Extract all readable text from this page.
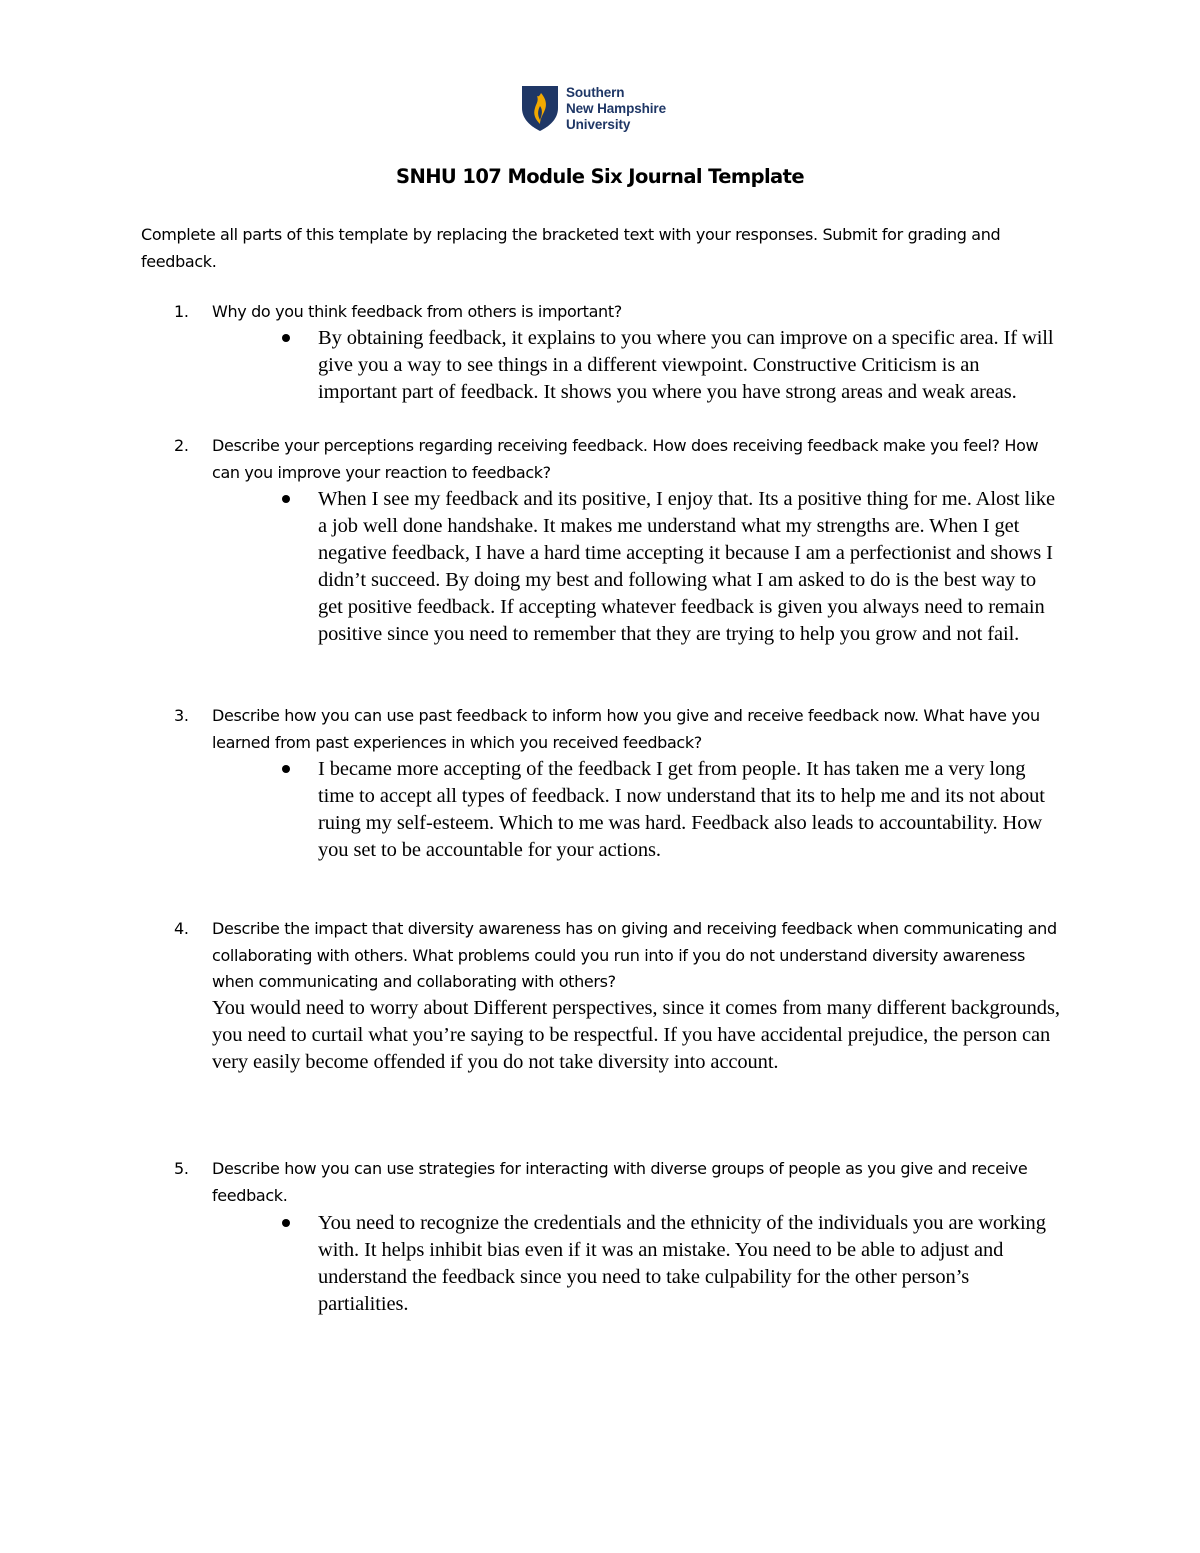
Southern
New Hampshire
University
SNHU 107 Module Six Journal Template
Complete all parts of this template by replacing the bracketed text with your responses. Submit for grading and feedback.
1. Why do you think feedback from others is important?
By obtaining feedback, it explains to you where you can improve on a specific area. If will give you a way to see things in a different viewpoint. Constructive Criticism is an important part of feedback. It shows you where you have strong areas and weak areas.
2. Describe your perceptions regarding receiving feedback. How does receiving feedback make you feel? How can you improve your reaction to feedback?
When I see my feedback and its positive, I enjoy that. Its a positive thing for me. Alost like a job well done handshake. It makes me understand what my strengths are. When I get negative feedback, I have a hard time accepting it because I am a perfectionist and shows I didn’t succeed. By doing my best and following what I am asked to do is the best way to get positive feedback. If accepting whatever feedback is given you always need to remain positive since you need to remember that they are trying to help you grow and not fail.
3. Describe how you can use past feedback to inform how you give and receive feedback now. What have you learned from past experiences in which you received feedback?
I became more accepting of the feedback I get from people. It has taken me a very long time to accept all types of feedback. I now understand that its to help me and its not about ruing my self-esteem. Which to me was hard. Feedback also leads to accountability. How you set to be accountable for your actions.
4. Describe the impact that diversity awareness has on giving and receiving feedback when communicating and collaborating with others. What problems could you run into if you do not understand diversity awareness when communicating and collaborating with others?
You would need to worry about Different perspectives, since it comes from many different backgrounds, you need to curtail what you’re saying to be respectful. If you have accidental prejudice, the person can very easily become offended if you do not take diversity into account.
5. Describe how you can use strategies for interacting with diverse groups of people as you give and receive feedback.
You need to recognize the credentials and the ethnicity of the individuals you are working with. It helps inhibit bias even if it was an mistake. You need to be able to adjust and understand the feedback since you need to take culpability for the other person’s partialities.
